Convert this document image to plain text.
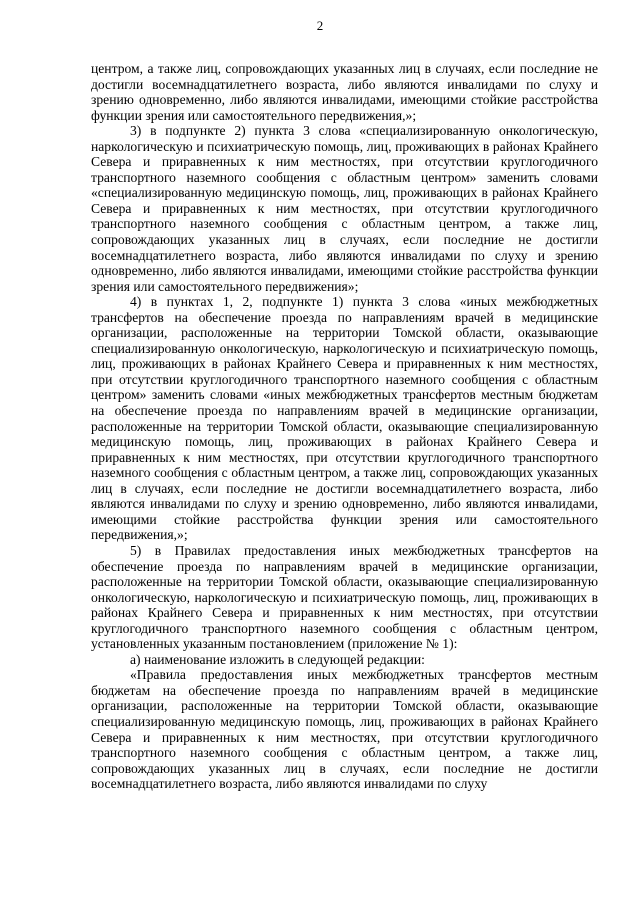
2

центром, а также лиц, сопровождающих указанных лиц в случаях, если последние не достигли восемнадцатилетнего возраста, либо являются инвалидами по слуху и зрению одновременно, либо являются инвалидами, имеющими стойкие расстройства функции зрения или самостоятельного передвижения,»;

3) в подпункте 2) пункта 3 слова «специализированную онкологическую, наркологическую и психиатрическую помощь, лиц, проживающих в районах Крайнего Севера и приравненных к ним местностях, при отсутствии круглогодичного транспортного наземного сообщения с областным центром» заменить словами «специализированную медицинскую помощь, лиц, проживающих в районах Крайнего Севера и приравненных к ним местностях, при отсутствии круглогодичного транспортного наземного сообщения с областным центром, а также лиц, сопровождающих указанных лиц в случаях, если последние не достигли восемнадцатилетнего возраста, либо являются инвалидами по слуху и зрению одновременно, либо являются инвалидами, имеющими стойкие расстройства функции зрения или самостоятельного передвижения»;

4) в пунктах 1, 2, подпункте 1) пункта 3 слова «иных межбюджетных трансфертов на обеспечение проезда по направлениям врачей в медицинские организации, расположенные на территории Томской области, оказывающие специализированную онкологическую, наркологическую и психиатрическую помощь, лиц, проживающих в районах Крайнего Севера и приравненных к ним местностях, при отсутствии круглогодичного транспортного наземного сообщения с областным центром» заменить словами «иных межбюджетных трансфертов местным бюджетам на обеспечение проезда по направлениям врачей в медицинские организации, расположенные на территории Томской области, оказывающие специализированную медицинскую помощь, лиц, проживающих в районах Крайнего Севера и приравненных к ним местностях, при отсутствии круглогодичного транспортного наземного сообщения с областным центром, а также лиц, сопровождающих указанных лиц в случаях, если последние не достигли восемнадцатилетнего возраста, либо являются инвалидами по слуху и зрению одновременно, либо являются инвалидами, имеющими стойкие расстройства функции зрения или самостоятельного передвижения,»;

5) в Правилах предоставления иных межбюджетных трансфертов на обеспечение проезда по направлениям врачей в медицинские организации, расположенные на территории Томской области, оказывающие специализированную онкологическую, наркологическую и психиатрическую помощь, лиц, проживающих в районах Крайнего Севера и приравненных к ним местностях, при отсутствии круглогодичного транспортного наземного сообщения с областным центром, установленных указанным постановлением (приложение № 1):

а) наименование изложить в следующей редакции:

«Правила предоставления иных межбюджетных трансфертов местным бюджетам на обеспечение проезда по направлениям врачей в медицинские организации, расположенные на территории Томской области, оказывающие специализированную медицинскую помощь, лиц, проживающих в районах Крайнего Севера и приравненных к ним местностях, при отсутствии круглогодичного транспортного наземного сообщения с областным центром, а также лиц, сопровождающих указанных лиц в случаях, если последние не достигли восемнадцатилетнего возраста, либо являются инвалидами по слуху
